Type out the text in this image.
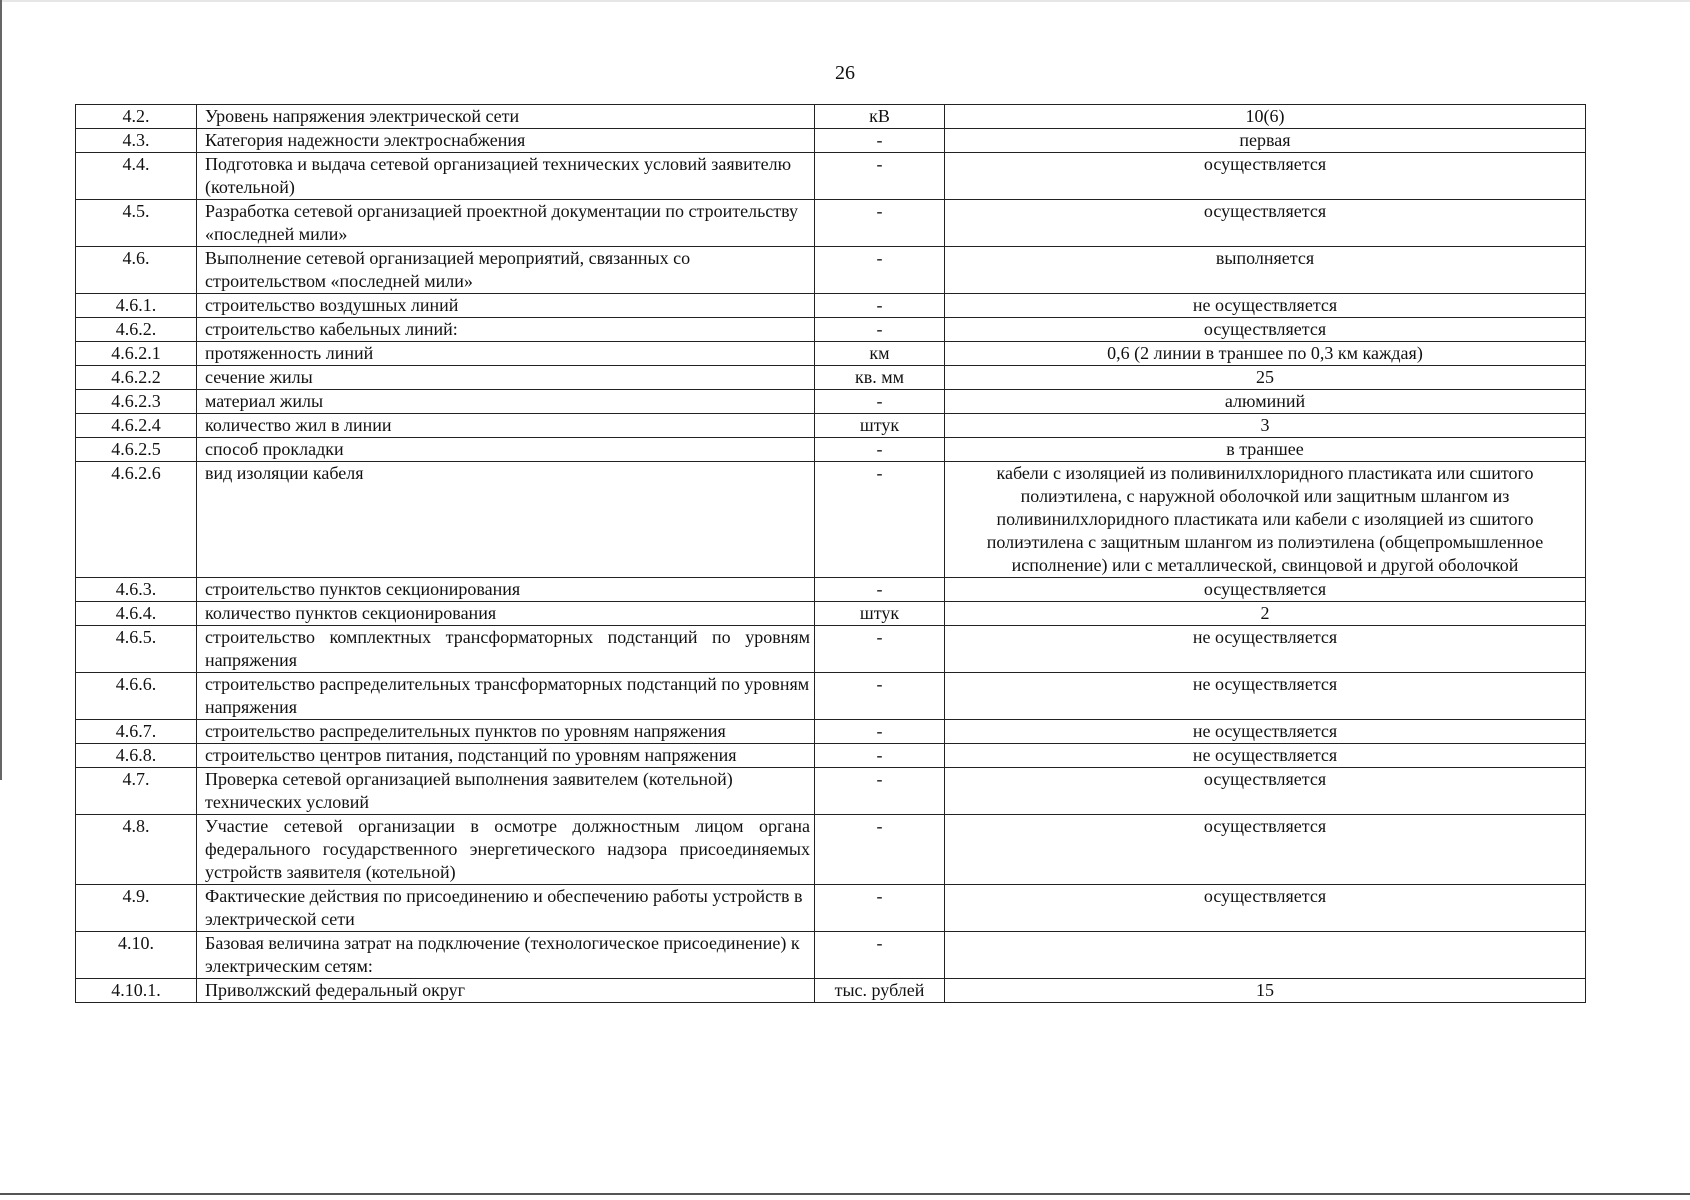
26
4.2.	Уровень напряжения электрической сети	кВ	10(6)
4.3.	Категория надежности электроснабжения	-	первая
4.4.	Подготовка и выдача сетевой организацией технических условий заявителю (котельной)	-	осуществляется
4.5.	Разработка сетевой организацией проектной документации по строительству «последней мили»	-	осуществляется
4.6.	Выполнение сетевой организацией мероприятий, связанных со строительством «последней мили»	-	выполняется
4.6.1.	строительство воздушных линий	-	не осуществляется
4.6.2.	строительство кабельных линий:	-	осуществляется
4.6.2.1	протяженность линий	км	0,6 (2 линии в траншее по 0,3 км каждая)
4.6.2.2	сечение жилы	кв. мм	25
4.6.2.3	материал жилы	-	алюминий
4.6.2.4	количество жил в линии	штук	3
4.6.2.5	способ прокладки	-	в траншее
4.6.2.6	вид изоляции кабеля	-	кабели с изоляцией из поливинилхлоридного пластиката или сшитого полиэтилена, с наружной оболочкой или защитным шлангом из поливинилхлоридного пластиката или кабели с изоляцией из сшитого полиэтилена с защитным шлангом из полиэтилена (общепромышленное исполнение) или с металлической, свинцовой и другой оболочкой
4.6.3.	строительство пунктов секционирования	-	осуществляется
4.6.4.	количество пунктов секционирования	штук	2
4.6.5.	строительство комплектных трансформаторных подстанций по уровням напряжения	-	не осуществляется
4.6.6.	строительство распределительных трансформаторных подстанций по уровням напряжения	-	не осуществляется
4.6.7.	строительство распределительных пунктов по уровням напряжения	-	не осуществляется
4.6.8.	строительство центров питания, подстанций по уровням напряжения	-	не осуществляется
4.7.	Проверка сетевой организацией выполнения заявителем (котельной) технических условий	-	осуществляется
4.8.	Участие сетевой организации в осмотре должностным лицом органа федерального государственного энергетического надзора присоединяемых устройств заявителя (котельной)	-	осуществляется
4.9.	Фактические действия по присоединению и обеспечению работы устройств в электрической сети	-	осуществляется
4.10.	Базовая величина затрат на подключение (технологическое присоединение) к электрическим сетям:	-	
4.10.1.	Приволжский федеральный округ	тыс. рублей	15
